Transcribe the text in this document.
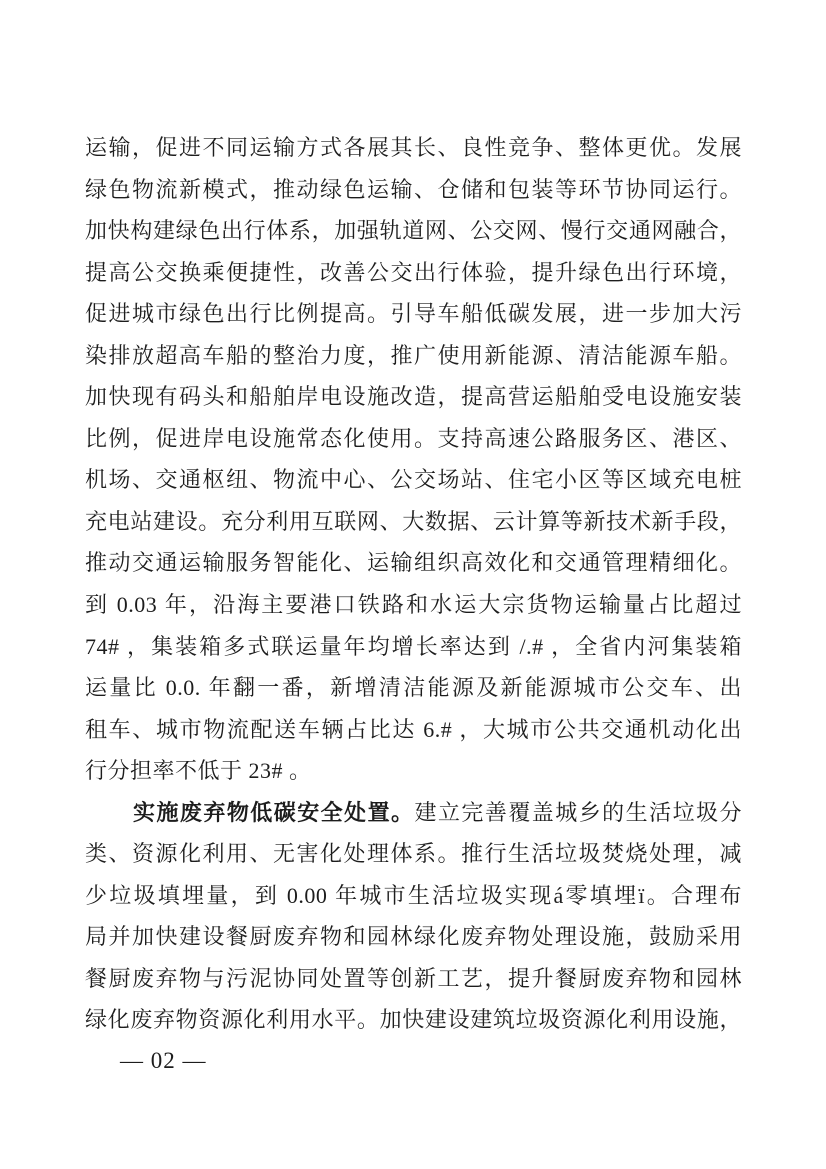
运输，促进不同运输方式各展其长、良性竞争、整体更优。发展
绿色物流新模式，推动绿色运输、仓储和包装等环节协同运行。
加快构建绿色出行体系，加强轨道网、公交网、慢行交通网融合，
提高公交换乘便捷性，改善公交出行体验，提升绿色出行环境，
促进城市绿色出行比例提高。引导车船低碳发展，进一步加大污
染排放超高车船的整治力度，推广使用新能源、清洁能源车船。
加快现有码头和船舶岸电设施改造，提高营运船舶受电设施安装
比例，促进岸电设施常态化使用。支持高速公路服务区、港区、
机场、交通枢纽、物流中心、公交场站、住宅小区等区域充电桩
充电站建设。充分利用互联网、大数据、云计算等新技术新手段，
推动交通运输服务智能化、运输组织高效化和交通管理精细化。
到 0.03 年，沿海主要港口铁路和水运大宗货物运输量占比超过
74# ，集装箱多式联运量年均增长率达到 /.# ，全省内河集装箱
运量比 0.0. 年翻一番，新增清洁能源及新能源城市公交车、出
租车、城市物流配送车辆占比达 6.# ，大城市公共交通机动化出
行分担率不低于 23# 。
实施废弃物低碳安全处置。建立完善覆盖城乡的生活垃圾分
类、资源化利用、无害化处理体系。推行生活垃圾焚烧处理，减
少垃圾填埋量，到 0.00 年城市生活垃圾实现á零填埋ï。合理布
局并加快建设餐厨废弃物和园林绿化废弃物处理设施，鼓励采用
餐厨废弃物与污泥协同处置等创新工艺，提升餐厨废弃物和园林
绿化废弃物资源化利用水平。加快建设建筑垃圾资源化利用设施，
— 02 —
